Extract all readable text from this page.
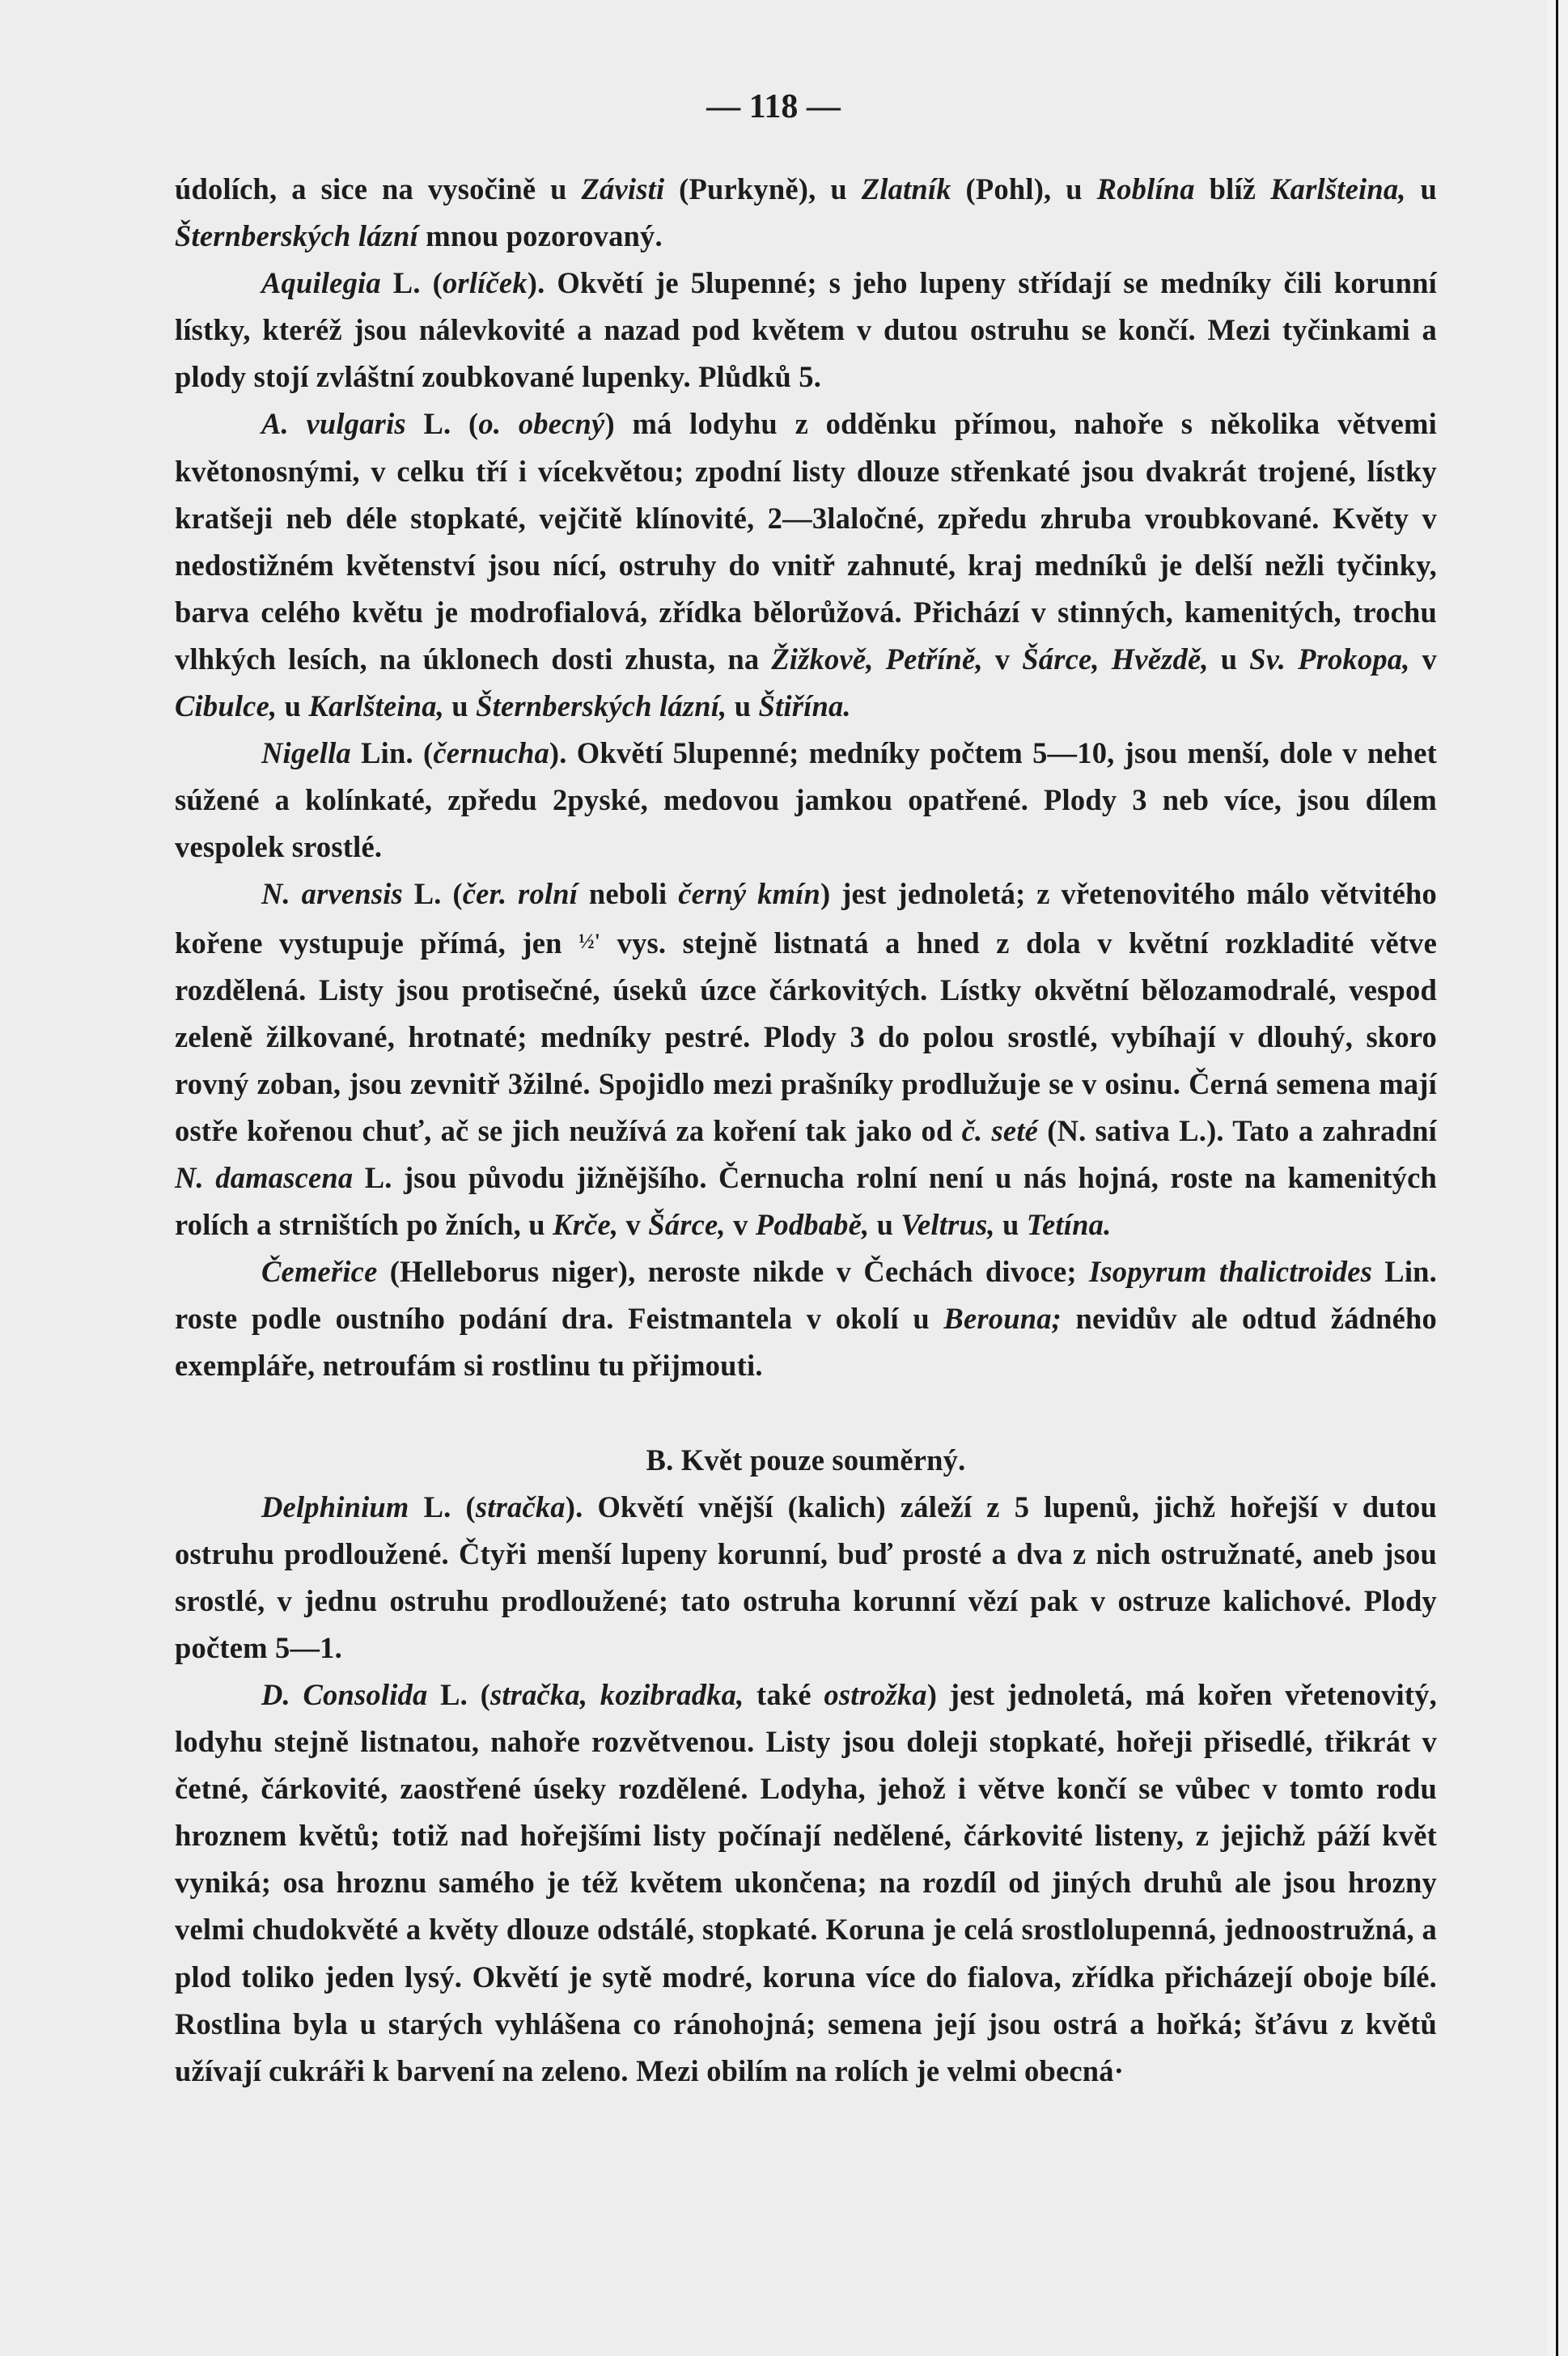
— 118 —

údolích, a sice na vysočině u Závisti (Purkyně), u Zlatník (Pohl), u Roblína blíž Karlšteina, u Šternberských lázní mnou pozorovaný.

Aquilegia L. (orlíček). Okvětí je 5lupenné; s jeho lupeny střídají se medníky čili korunní lístky, kteréž jsou nálevkovité a nazad pod květem v dutou ostruhu se končí. Mezi tyčinkami a plody stojí zvláštní zoubkované lupenky. Plůdků 5.

A. vulgaris L. (o. obecný) má lodyhu z odděnku přímou, nahoře s několika větvemi květonosnými, v celku tří i vícekvětou; zpodní listy dlouze střenkaté jsou dvakrát trojené, lístky kratšeji neb déle stopkaté, vejčitě klínovité, 2—3laločné, zpředu zhruba vroubkované. Květy v nedostižném květenství jsou nící, ostruhy do vnitř zahnuté, kraj medníků je delší nežli tyčinky, barva celého květu je modrofialová, zřídka bělorůžová. Přichází v stinných, kamenitých, trochu vlhkých lesích, na úklonech dosti zhusta, na Žižkově, Petříně, v Šárce, Hvězdě, u Sv. Prokopa, v Cibulce, u Karlšteina, u Šternberských lázní, u Štiřína.

Nigella Lin. (černucha). Okvětí 5lupenné; medníky počtem 5—10, jsou menší, dole v nehet súžené a kolínkaté, zpředu 2pyské, medovou jamkou opatřené. Plody 3 neb více, jsou dílem vespolek srostlé.

N. arvensis L. (čer. rolní neboli černý kmín) jest jednoletá; z vřetenovitého málo větvitého kořene vystupuje přímá, jen ½' vys. stejně listnatá a hned z dola v květní rozkladité větve rozdělená. Listy jsou protisečné, úseků úzce čárkovitých. Lístky okvětní bělozamodralé, vespod zeleně žilkované, hrotnaté; medníky pestré. Plody 3 do polou srostlé, vybíhají v dlouhý, skoro rovný zoban, jsou zevnitř 3žilné. Spojidlo mezi prašníky prodlužuje se v osinu. Černá semena mají ostře kořenou chuť, ač se jich neužívá za koření tak jako od č. seté (N. sativa L.). Tato a zahradní N. damascena L. jsou původu jižnějšího. Černucha rolní není u nás hojná, roste na kamenitých rolích a strništích po žních, u Krče, v Šárce, v Podbabě, u Veltrus, u Tetína.

Čemeřice (Helleborus niger), neroste nikde v Čechách divoce; Isopyrum thalictroides Lin. roste podle oustního podání dra. Feistmantela v okolí u Berouna; nevidův ale odtud žádného exempláře, netroufám si rostlinu tu přijmouti.

B. Květ pouze souměrný.

Delphinium L. (stračka). Okvětí vnější (kalich) záleží z 5 lupenů, jichž hořejší v dutou ostruhu prodloužené. Čtyři menší lupeny korunní, buď prosté a dva z nich ostružnaté, aneb jsou srostlé, v jednu ostruhu prodloužené; tato ostruha korunní vězí pak v ostruze kalichové. Plody počtem 5—1.

D. Consolida L. (stračka, kozibradka, také ostrožka) jest jednoletá, má kořen vřetenovitý, lodyhu stejně listnatou, nahoře rozvětvenou. Listy jsou doleji stopkaté, hořeji přisedlé, třikrát v četné, čárkovité, zaostřené úseky rozdělené. Lodyha, jehož i větve končí se vůbec v tomto rodu hroznem květů; totiž nad hořejšími listy počínají nedělené, čárkovité listeny, z jejichž páží květ vyniká; osa hroznu samého je též květem ukončena; na rozdíl od jiných druhů ale jsou hrozny velmi chudokvěté a květy dlouze odstálé, stopkaté. Koruna je celá srostlolupenná, jednoostružná, a plod toliko jeden lysý. Okvětí je sytě modré, koruna více do fialova, zřídka přicházejí oboje bílé. Rostlina byla u starých vyhlášena co ránohojná; semena její jsou ostrá a hořká; šťávu z květů užívají cukráři k barvení na zeleno. Mezi obilím na rolích je velmi obecná·
